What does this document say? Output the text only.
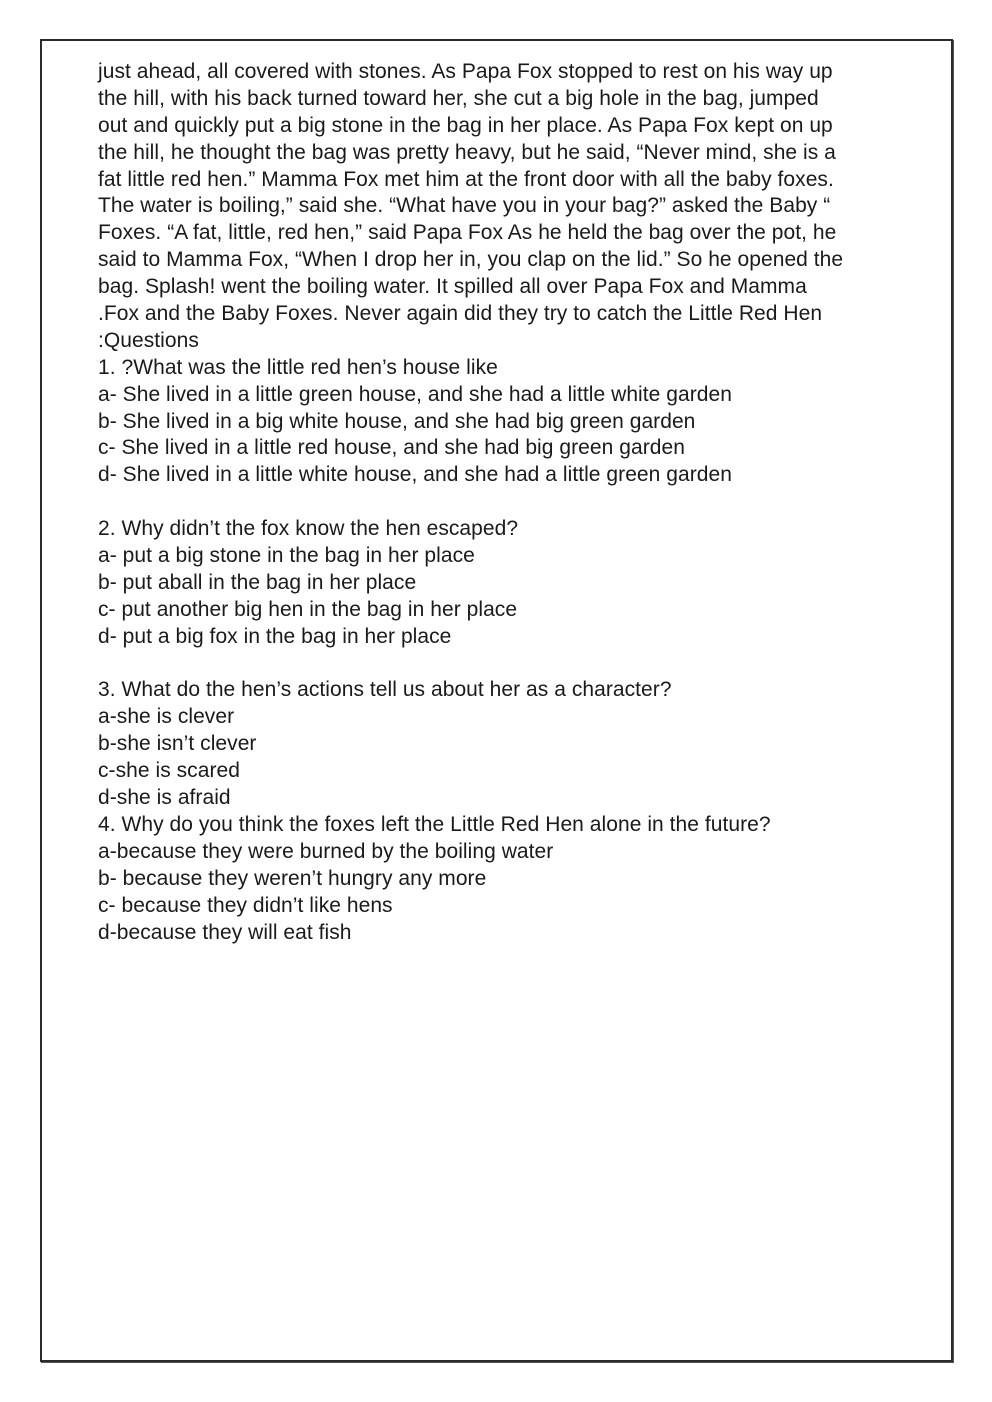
just ahead, all covered with stones. As Papa Fox stopped to rest on his way up
the hill, with his back turned toward her, she cut a big hole in the bag, jumped
out and quickly put a big stone in the bag in her place. As Papa Fox kept on up
the hill, he thought the bag was pretty heavy, but he said, “Never mind, she is a
fat little red hen.” Mamma Fox met him at the front door with all the baby foxes.
The water is boiling,” said she. “What have you in your bag?” asked the Baby “
Foxes. “A fat, little, red hen,” said Papa Fox As he held the bag over the pot, he
said to Mamma Fox, “When I drop her in, you clap on the lid.” So he opened the
bag. Splash! went the boiling water. It spilled all over Papa Fox and Mamma
.Fox and the Baby Foxes. Never again did they try to catch the Little Red Hen
:Questions
1. ?What was the little red hen’s house like
a- She lived in a little green house, and she had a little white garden
b- She lived in a big white house, and she had big green garden
c- She lived in a little red house, and she had big green garden
d- She lived in a little white house, and she had a little green garden
2. Why didn’t the fox know the hen escaped?
a- put a big stone in the bag in her place
b- put aball in the bag in her place
c- put another big hen in the bag in her place
d- put a big fox in the bag in her place
3. What do the hen’s actions tell us about her as a character?
a-she is clever
b-she isn’t clever
c-she is scared
d-she is afraid
4. Why do you think the foxes left the Little Red Hen alone in the future?
a-because they were burned by the boiling water
b- because they weren’t hungry any more
c- because they didn’t like hens
d-because they will eat fish
